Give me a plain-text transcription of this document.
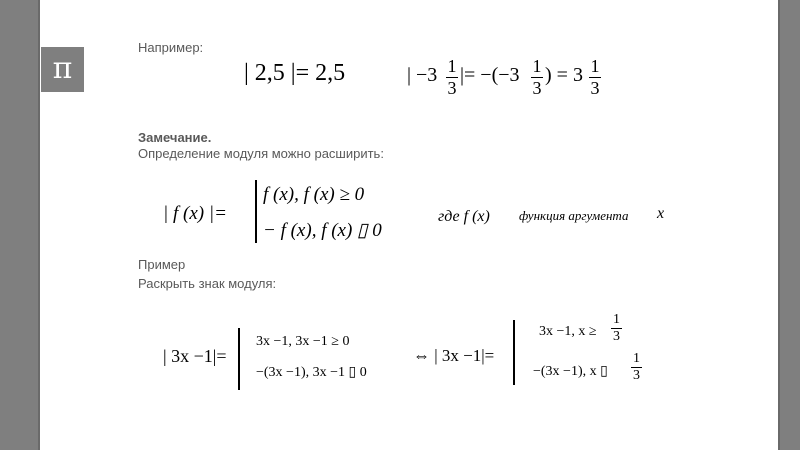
π
Например:
| 2,5 |= 2,5	| $-3 \frac{1}{3}$ |= $-(-3 \frac{1}{3}$ ) = $3 \frac{1}{3}$
Замечание.
Определение модуля можно расширить:
| f (x) |=
f (x), f (x) ≥ 0
− f (x), f (x) ▯ 0
где f (x) функция аргумента x
Пример
Раскрыть знак модуля:
| 3x −1|=
3x −1, 3x −1 ≥ 0
−(3x −1), 3x −1 ▯ 0
⇔ | 3x −1|=
3x −1, $x \ge \frac{1}{3}$
−(3x −1), x ▯ $\frac{1}{3}$
